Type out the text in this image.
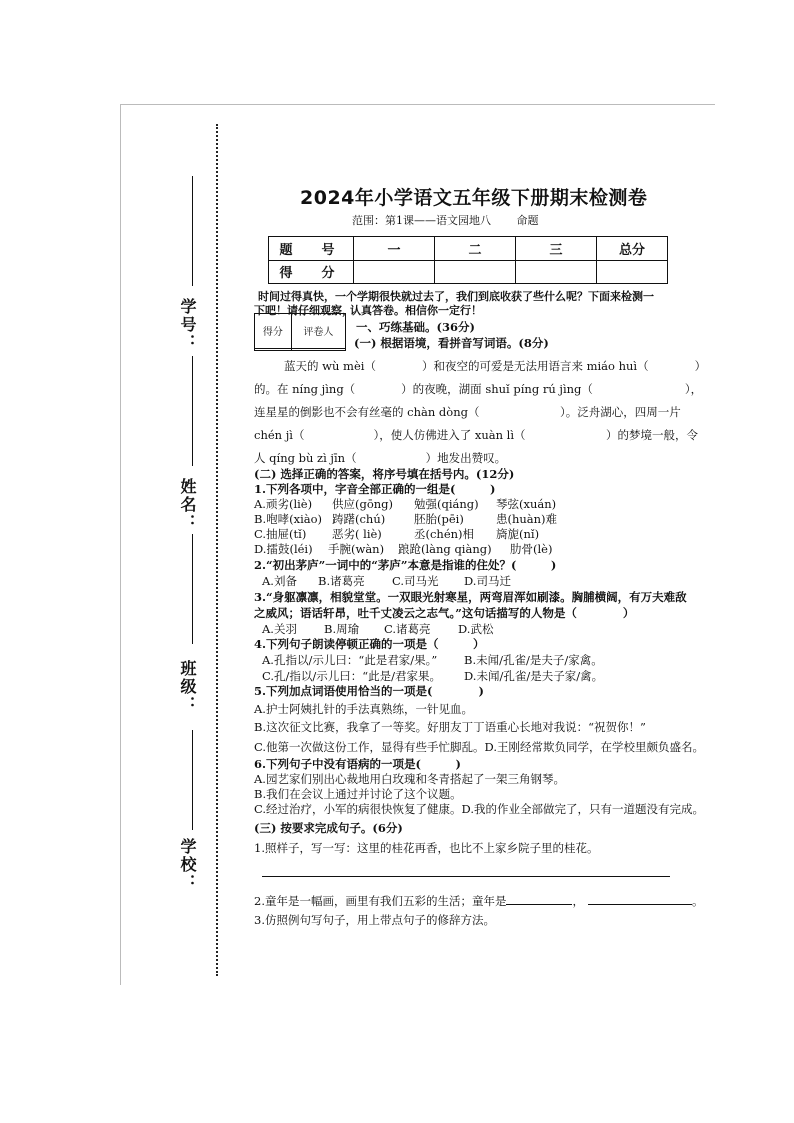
学号：
姓名：
班级：
学校：
2024年小学语文五年级下册期末检测卷
范围：第1课——语文园地八 命题
题　号	一	二	三	总分
得　分				
时间过得真快，一个学期很快就过去了，我们到底收获了些什么呢？下面来检测一
下吧！请仔细观察，
认真答卷。相信你一定行！
得分	评卷人
	一、巧练基础。(36分)
(一) 根据语境，看拼音写词语。(8分)
蓝天的 wù mèi（　　　　）和夜空的可爱是无法用语言来 miáo huì（　　　　）
的。在 níng jìng（　　　　）的夜晚，湖面 shuǐ píng rú jìng（　　　　　　　　），
连星星的倒影也不会有丝毫的 chàn dòng（　　　　　　　）。泛舟湖心，四周一片
chén jì（　　　　　　），使人仿佛进入了 xuàn lì（　　　　　　　）的梦境一般，令
人 qíng bù zì jīn（　　　　　　）地发出赞叹。
(二) 选择正确的答案，将序号填在括号内。(12分)
1.下列各项中，字音全部正确的一组是(　　　)
A.顽劣(liè) 供应(gōng) 勉强(qiáng) 琴弦(xuán)
B.咆哮(xiào) 踌躇(chú)	胚胎(pēi)	患(huàn)难
C.抽屉(tǐ) 恶劣( liè)	丞(chén)相 旖旎(nǐ)
D.擂鼓(léi) 手腕(wàn) 踉跄(làng qiàng) 肋骨(lè)
2.“初出茅庐”一词中的“茅庐”本意是指谁的住处？(　　　)
A.刘备 B.诸葛亮 C.司马光 D.司马迁
3.“身躯凛凛，相貌堂堂。一双眼光射寒星，两弯眉浑如刷漆。胸脯横阔，有万夫难敌
之威风；语话轩昂，吐千丈凌云之志气。”这句话描写的人物是（　　　　）
A.关羽 B.周瑜 C.诸葛亮 D.武松
4.下列句子朗读停顿正确的一项是（　　　）
A.孔指以/示儿曰：“此是君家/果。” B.未闻/孔雀/是夫子/家禽。
C.孔/指以/示儿曰：“此是/君家果。 D.未闻/孔雀/是夫子家/禽。
5.下列加点词语使用恰当的一项是(　　　　)
A.护士阿姨扎针的手法真熟练，一针见血。
B.这次征文比赛，我拿了一等奖。好朋友丁丁语重心长地对我说：“祝贺你！”
C.他第一次做这份工作，显得有些手忙脚乱。D.王刚经常欺负同学，在学校里颇负盛名。
6.下列句子中没有语病的一项是(　　　)
A.园艺家们别出心裁地用白玫瑰和冬青搭起了一架三角钢琴。
B.我们在会议上通过并讨论了这个议题。
C.经过治疗，小军的病很快恢复了健康。D.我的作业全部做完了，只有一道题没有完成。
(三) 按要求完成句子。(6分)
1.照样子，写一写：这里的桂花再香，也比不上家乡院子里的桂花。
2.童年是一幅画，画里有我们五彩的生活；童年是	，	。
3.仿照例句写句子，用上带点句子的修辞方法。
